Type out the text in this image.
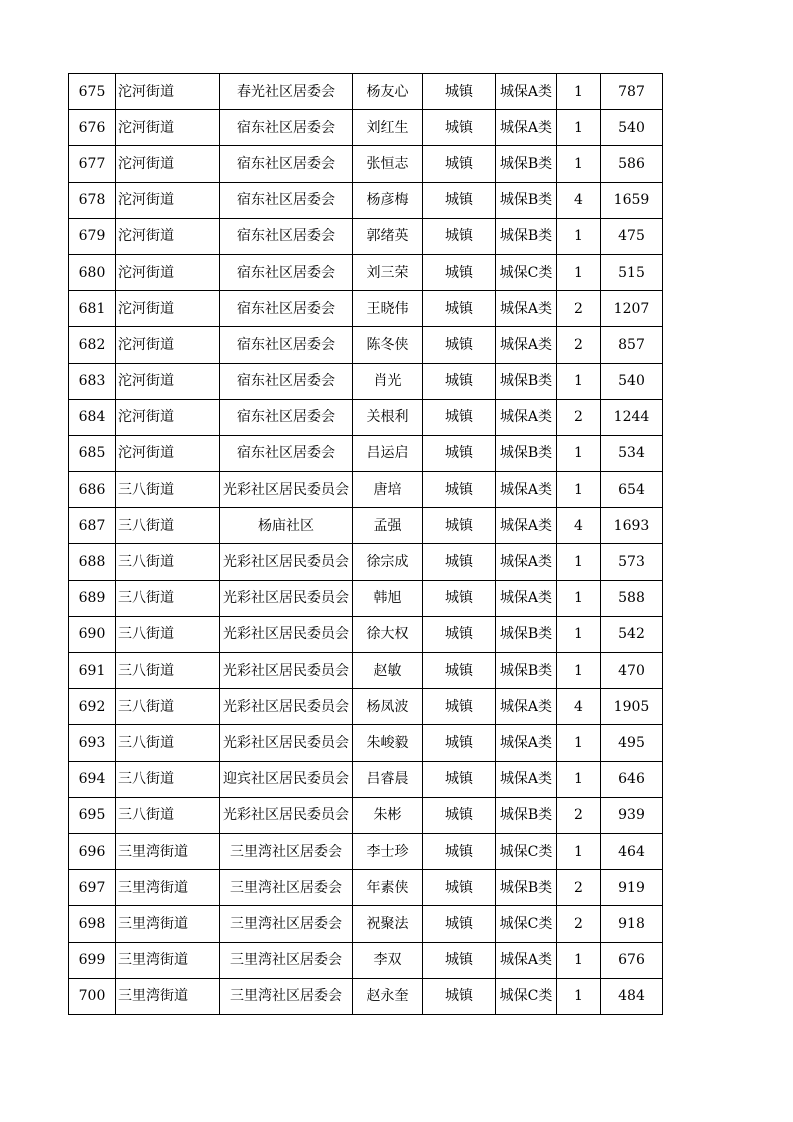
675	沱河街道	春光社区居委会	杨友心	城镇	城保A类	1	787
676	沱河街道	宿东社区居委会	刘红生	城镇	城保A类	1	540
677	沱河街道	宿东社区居委会	张恒志	城镇	城保B类	1	586
678	沱河街道	宿东社区居委会	杨彦梅	城镇	城保B类	4	1659
679	沱河街道	宿东社区居委会	郭绪英	城镇	城保B类	1	475
680	沱河街道	宿东社区居委会	刘三荣	城镇	城保C类	1	515
681	沱河街道	宿东社区居委会	王晓伟	城镇	城保A类	2	1207
682	沱河街道	宿东社区居委会	陈冬侠	城镇	城保A类	2	857
683	沱河街道	宿东社区居委会	肖光	城镇	城保B类	1	540
684	沱河街道	宿东社区居委会	关根利	城镇	城保A类	2	1244
685	沱河街道	宿东社区居委会	吕运启	城镇	城保B类	1	534
686	三八街道	光彩社区居民委员会	唐培	城镇	城保A类	1	654
687	三八街道	杨庙社区	孟强	城镇	城保A类	4	1693
688	三八街道	光彩社区居民委员会	徐宗成	城镇	城保A类	1	573
689	三八街道	光彩社区居民委员会	韩旭	城镇	城保A类	1	588
690	三八街道	光彩社区居民委员会	徐大权	城镇	城保B类	1	542
691	三八街道	光彩社区居民委员会	赵敏	城镇	城保B类	1	470
692	三八街道	光彩社区居民委员会	杨凤波	城镇	城保A类	4	1905
693	三八街道	光彩社区居民委员会	朱峻毅	城镇	城保A类	1	495
694	三八街道	迎宾社区居民委员会	吕睿晨	城镇	城保A类	1	646
695	三八街道	光彩社区居民委员会	朱彬	城镇	城保B类	2	939
696	三里湾街道	三里湾社区居委会	李士珍	城镇	城保C类	1	464
697	三里湾街道	三里湾社区居委会	年素侠	城镇	城保B类	2	919
698	三里湾街道	三里湾社区居委会	祝聚法	城镇	城保C类	2	918
699	三里湾街道	三里湾社区居委会	李双	城镇	城保A类	1	676
700	三里湾街道	三里湾社区居委会	赵永奎	城镇	城保C类	1	484
